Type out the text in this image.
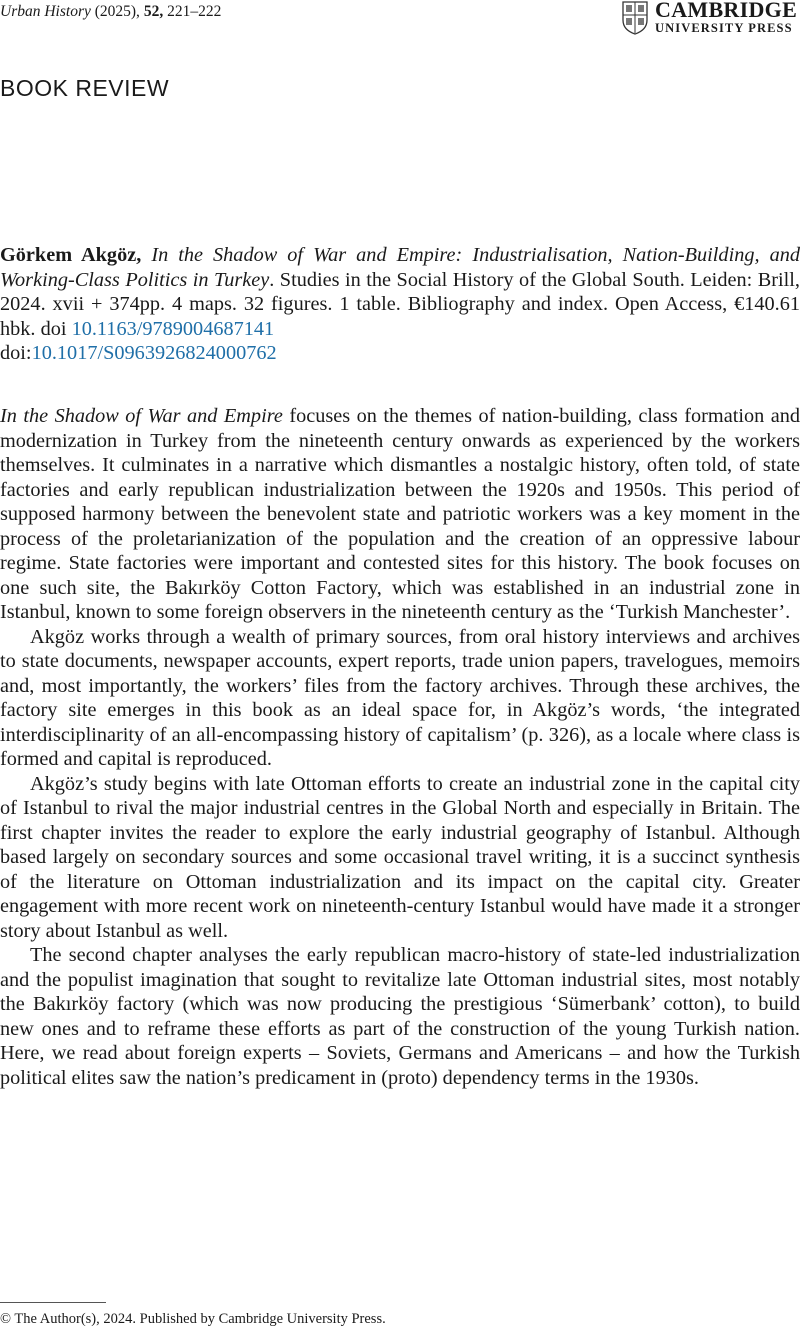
Urban History (2025), 52, 221–222	CAMBRIDGE
UNIVERSITY PRESS
BOOK REVIEW
Görkem Akgöz, In the Shadow of War and Empire: Industrialisation, Nation-Building, and Working-Class Politics in Turkey. Studies in the Social History of the Global South. Leiden: Brill, 2024. xvii + 374pp. 4 maps. 32 figures. 1 table. Bibliography and index. Open Access, €140.61 hbk. doi 10.1163/9789004687141
doi:10.1017/S0963926824000762

In the Shadow of War and Empire focuses on the themes of nation-building, class formation and modernization in Turkey from the nineteenth century onwards as experienced by the workers themselves. It culminates in a narrative which dismantles a nostalgic history, often told, of state factories and early republican industrialization between the 1920s and 1950s. This period of supposed harmony between the benevolent state and patriotic workers was a key moment in the process of the proletarianization of the population and the creation of an oppressive labour regime. State factories were important and contested sites for this history. The book focuses on one such site, the Bakırköy Cotton Factory, which was established in an industrial zone in Istanbul, known to some foreign observers in the nineteenth century as the ‘Turkish Manchester’.

Akgöz works through a wealth of primary sources, from oral history interviews and archives to state documents, newspaper accounts, expert reports, trade union papers, travelogues, memoirs and, most importantly, the workers’ files from the factory archives. Through these archives, the factory site emerges in this book as an ideal space for, in Akgöz’s words, ‘the integrated interdisciplinarity of an all-encompassing history of capitalism’ (p. 326), as a locale where class is formed and capital is reproduced.

Akgöz’s study begins with late Ottoman efforts to create an industrial zone in the capital city of Istanbul to rival the major industrial centres in the Global North and especially in Britain. The first chapter invites the reader to explore the early industrial geography of Istanbul. Although based largely on secondary sources and some occasional travel writing, it is a succinct synthesis of the literature on Ottoman industrialization and its impact on the capital city. Greater engagement with more recent work on nineteenth-century Istanbul would have made it a stronger story about Istanbul as well.

The second chapter analyses the early republican macro-history of state-led industrialization and the populist imagination that sought to revitalize late Ottoman industrial sites, most notably the Bakırköy factory (which was now producing the prestigious ‘Sümerbank’ cotton), to build new ones and to reframe these efforts as part of the construction of the young Turkish nation. Here, we read about foreign experts – Soviets, Germans and Americans – and how the Turkish political elites saw the nation’s predicament in (proto) dependency terms in the 1930s.

© The Author(s), 2024. Published by Cambridge University Press.
